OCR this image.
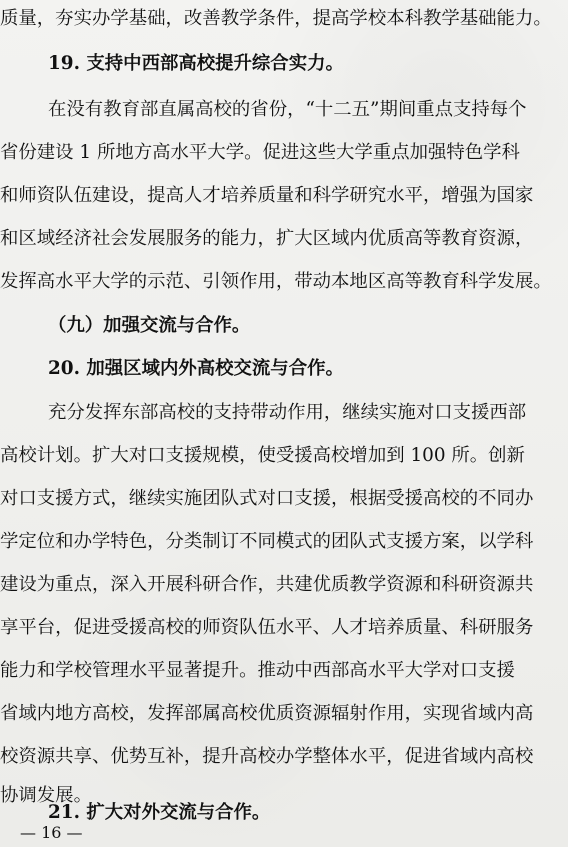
质量，夯实办学基础，改善教学条件，提高学校本科教学基础能力。

19. 支持中西部高校提升综合实力。

在没有教育部直属高校的省份，“十二五”期间重点支持每个

省份建设 1 所地方高水平大学。促进这些大学重点加强特色学科

和师资队伍建设，提高人才培养质量和科学研究水平，增强为国家

和区域经济社会发展服务的能力，扩大区域内优质高等教育资源，

发挥高水平大学的示范、引领作用，带动本地区高等教育科学发展。

（九）加强交流与合作。

20. 加强区域内外高校交流与合作。

充分发挥东部高校的支持带动作用，继续实施对口支援西部

高校计划。扩大对口支援规模，使受援高校增加到 100 所。创新

对口支援方式，继续实施团队式对口支援，根据受援高校的不同办

学定位和办学特色，分类制订不同模式的团队式支援方案，以学科

建设为重点，深入开展科研合作，共建优质教学资源和科研资源共

享平台，促进受援高校的师资队伍水平、人才培养质量、科研服务

能力和学校管理水平显著提升。推动中西部高水平大学对口支援

省域内地方高校，发挥部属高校优质资源辐射作用，实现省域内高

校资源共享、优势互补，提升高校办学整体水平，促进省域内高校

协调发展。

21. 扩大对外交流与合作。

— 16 —
